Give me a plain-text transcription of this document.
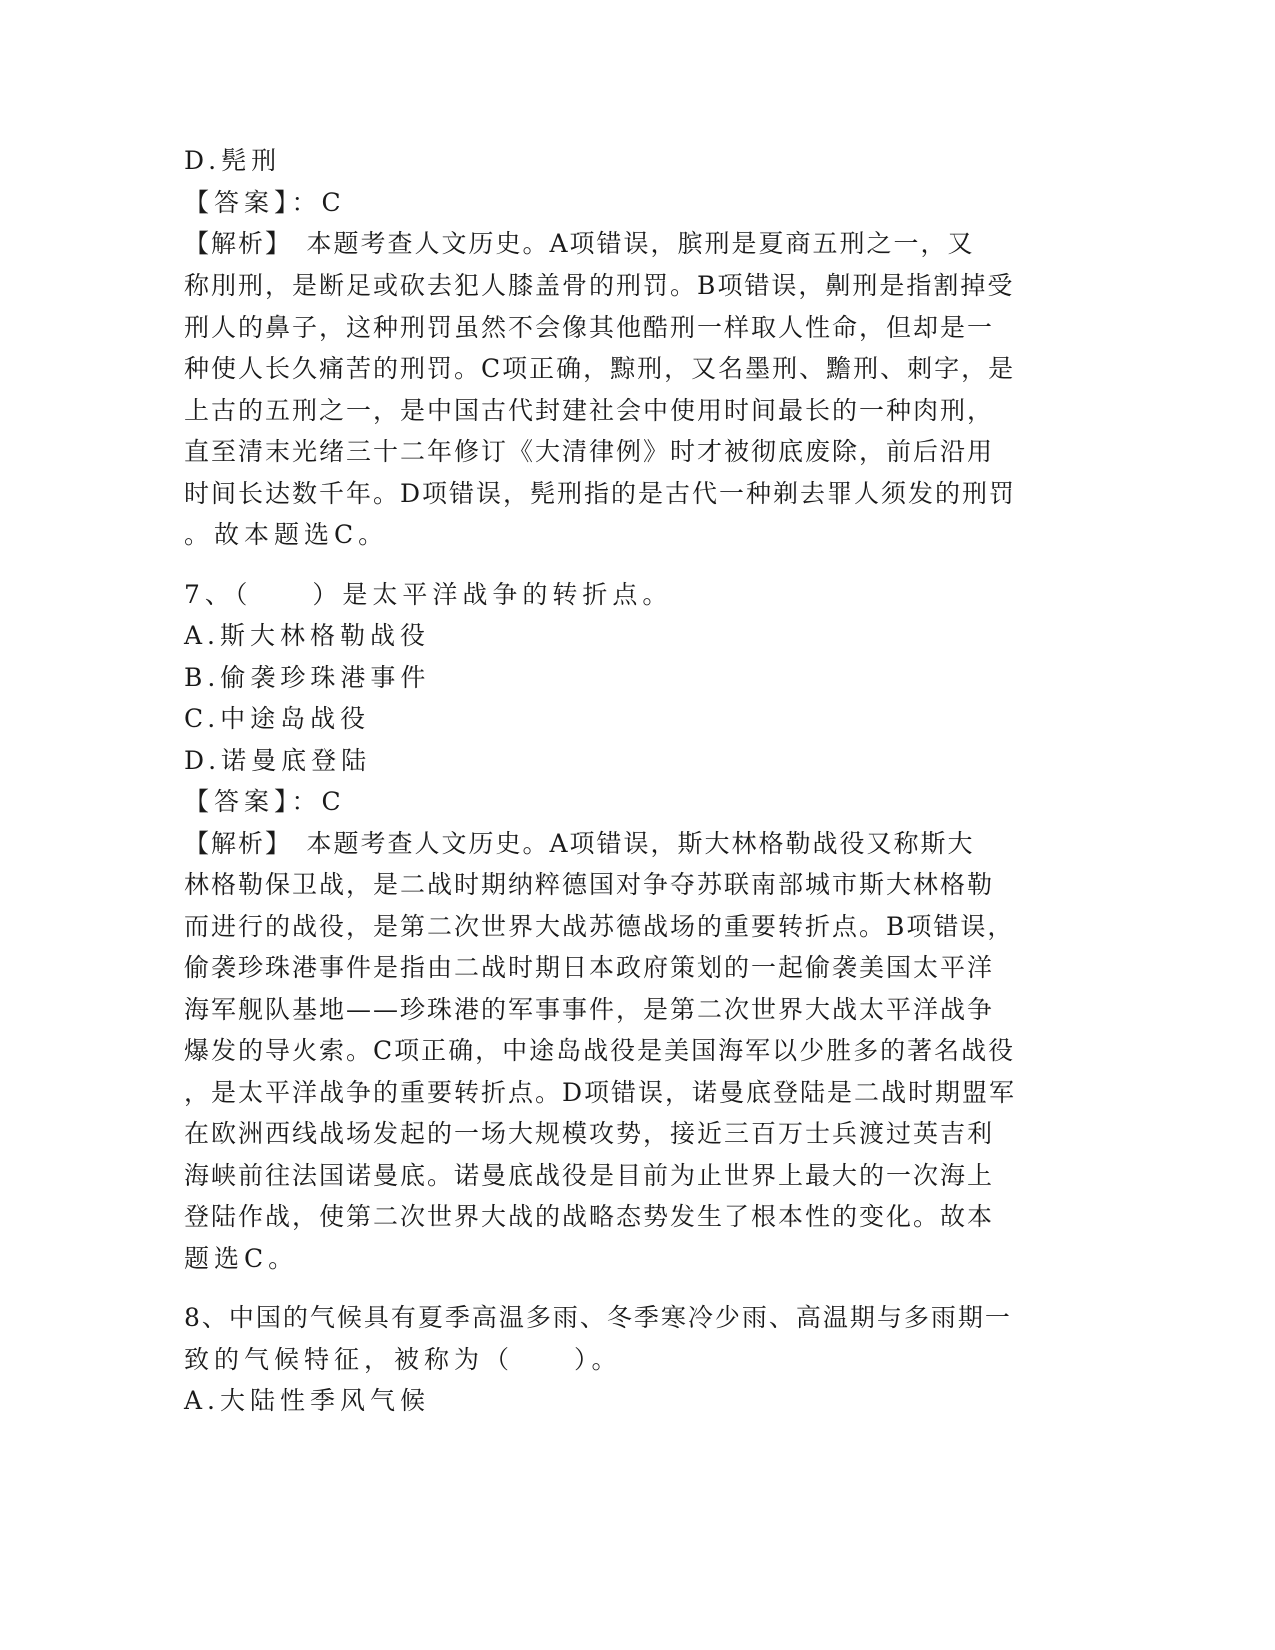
D.髡刑
【答案】：C
【解析】　本题考查人文历史。A项错误，膑刑是夏商五刑之一，又
称刖刑，是断足或砍去犯人膝盖骨的刑罚。B项错误，劓刑是指割掉受
刑人的鼻子，这种刑罚虽然不会像其他酷刑一样取人性命，但却是一
种使人长久痛苦的刑罚。C项正确，黥刑，又名墨刑、黵刑、刺字，是
上古的五刑之一，是中国古代封建社会中使用时间最长的一种肉刑，
直至清末光绪三十二年修订《大清律例》时才被彻底废除，前后沿用
时间长达数千年。D项错误，髡刑指的是古代一种剃去罪人须发的刑罚
。故本题选C。
7、（　　）是太平洋战争的转折点。
A.斯大林格勒战役
B.偷袭珍珠港事件
C.中途岛战役
D.诺曼底登陆
【答案】：C
【解析】　本题考查人文历史。A项错误，斯大林格勒战役又称斯大
林格勒保卫战，是二战时期纳粹德国对争夺苏联南部城市斯大林格勒
而进行的战役，是第二次世界大战苏德战场的重要转折点。B项错误，
偷袭珍珠港事件是指由二战时期日本政府策划的一起偷袭美国太平洋
海军舰队基地——珍珠港的军事事件，是第二次世界大战太平洋战争
爆发的导火索。C项正确，中途岛战役是美国海军以少胜多的著名战役
，是太平洋战争的重要转折点。D项错误，诺曼底登陆是二战时期盟军
在欧洲西线战场发起的一场大规模攻势，接近三百万士兵渡过英吉利
海峡前往法国诺曼底。诺曼底战役是目前为止世界上最大的一次海上
登陆作战，使第二次世界大战的战略态势发生了根本性的变化。故本
题选C。
8、中国的气候具有夏季高温多雨、冬季寒冷少雨、高温期与多雨期一
致的气候特征，被称为（　　）。
A.大陆性季风气候
